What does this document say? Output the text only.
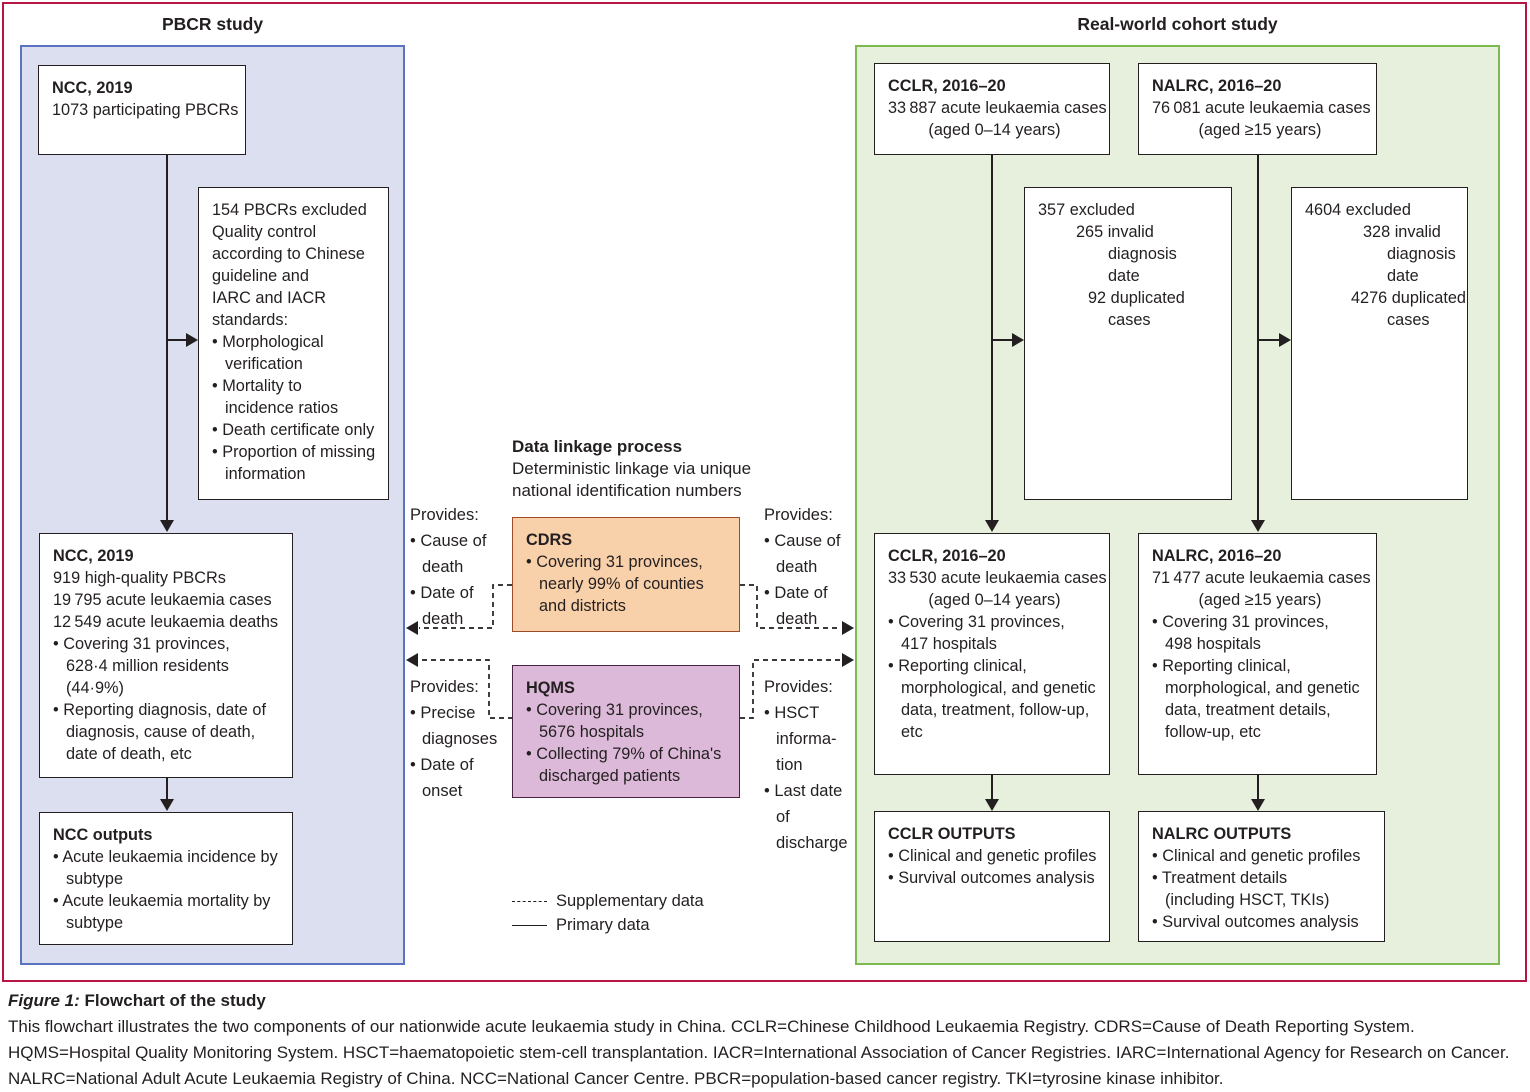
PBCR study	Real-world cohort study
NCC, 2019
1073 participating PBCRs
154 PBCRs excluded
Quality control
according to Chinese
guideline and
IARC and IACR
standards:
• Morphological
verification
• Mortality to
incidence ratios
• Death certificate only
• Proportion of missing
information
NCC, 2019
919 high-quality PBCRs
19 795 acute leukaemia cases
12 549 acute leukaemia deaths
• Covering 31 provinces,
628·4 million residents
(44·9%)
• Reporting diagnosis, date of
diagnosis, cause of death,
date of death, etc
NCC outputs
• Acute leukaemia incidence by
subtype
• Acute leukaemia mortality by
subtype
Data linkage process
Deterministic linkage via unique
national identification numbers
CDRS
• Covering 31 provinces,
nearly 99% of counties
and districts
HQMS
• Covering 31 provinces,
5676 hospitals
• Collecting 79% of China's
discharged patients
Provides:
• Cause of
death
• Date of
death
Provides:
• Precise
diagnoses
• Date of
onset
Provides:
• Cause of
death
• Date of
death
Provides:
• HSCT
informa-
tion
• Last date
of
discharge
Supplementary data
Primary data
CCLR, 2016–20
33 887 acute leukaemia cases
(aged 0–14 years)
NALRC, 2016–20
76 081 acute leukaemia cases
(aged ≥15 years)
357 excluded
265 invalid
diagnosis
date
92 duplicated
cases
4604 excluded
328 invalid
diagnosis
date
4276 duplicated
cases
CCLR, 2016–20
33 530 acute leukaemia cases
(aged 0–14 years)
• Covering 31 provinces,
417 hospitals
• Reporting clinical,
morphological, and genetic
data, treatment, follow-up,
etc
NALRC, 2016–20
71 477 acute leukaemia cases
(aged ≥15 years)
• Covering 31 provinces,
498 hospitals
• Reporting clinical,
morphological, and genetic
data, treatment details,
follow-up, etc
CCLR OUTPUTS
• Clinical and genetic profiles
• Survival outcomes analysis
NALRC OUTPUTS
• Clinical and genetic profiles
• Treatment details
(including HSCT, TKIs)
• Survival outcomes analysis
Figure 1: Flowchart of the study
This flowchart illustrates the two components of our nationwide acute leukaemia study in China. CCLR=Chinese Childhood Leukaemia Registry. CDRS=Cause of Death Reporting System.
HQMS=Hospital Quality Monitoring System. HSCT=haematopoietic stem-cell transplantation. IACR=International Association of Cancer Registries. IARC=International Agency for Research on Cancer.
NALRC=National Adult Acute Leukaemia Registry of China. NCC=National Cancer Centre. PBCR=population-based cancer registry. TKI=tyrosine kinase inhibitor.
